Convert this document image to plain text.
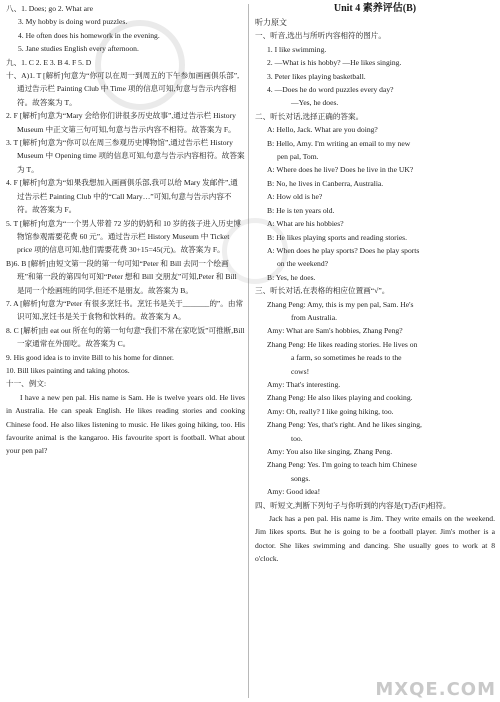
八、1. Does; go 2. What are
3. My hobby is doing word puzzles.
4. He often does his homework in the evening.
5. Jane studies English every afternoon.
九、1. C 2. E 3. B 4. F 5. D
十、A)1. T [解析]句意为“你可以在周一到周五的下午参加画画俱乐部”,通过告示栏 Painting Club 中 Time 项的信息可知,句意与告示内容相符。故答案为 T。
2. F [解析]句意为“Mary 会给你们讲很多历史故事”,通过告示栏 History Museum 中正文第三句可知,句意与告示内容不相符。故答案为 F。
3. T [解析]句意为“你可以在周三参观历史博物馆”,通过告示栏 History Museum 中 Opening time 项的信息可知,句意与告示内容相符。故答案为 T。
4. F [解析]句意为“如果我想加入画画俱乐部,我可以给 Mary 发邮件”,通过告示栏 Painting Club 中的“Call Mary…”可知,句意与告示内容不符。故答案为 F。
5. T [解析]句意为“一个男人带着 72 岁的奶奶和 10 岁的孩子进入历史博物馆参观需要花费 60 元”。通过告示栏 History Museum 中 Ticket price 项的信息可知,他们需要花费 30+15=45(元)。故答案为 F。
B)6. B [解析]由短文第一段的第一句可知“Peter 和 Bill 去同一个绘画班”和第一段的第四句可知“Peter 想和 Bill 交朋友”可知,Peter 和 Bill 是同一个绘画班的同学,但还不是朋友。故答案为 B。
7. A [解析]句意为“Peter 有很多烹饪书。烹饪书是关于_______的”。由常识可知,烹饪书是关于食物和饮料的。故答案为 A。
8. C [解析]由 eat out 所在句的第一句句意“我们不常在家吃饭”可推断,Bill 一家通常在外面吃。故答案为 C。
9. His good idea is to invite Bill to his home for dinner.
10. Bill likes painting and taking photos.
十一、例文:
I have a new pen pal. His name is Sam. He is twelve years old. He lives in Australia. He can speak English. He likes reading stories and cooking Chinese food. He also likes listening to music. He likes going hiking, too. His favourite animal is the kangaroo. His favourite sport is football. What about your pen pal?
Unit 4 素养评估(B)
听力原文
一、听音,选出与所听内容相符的图片。
1. I like swimming.
2. —What is his hobby? —He likes singing.
3. Peter likes playing basketball.
4. —Does he do word puzzles every day?
—Yes, he does.
二、听长对话,选择正确的答案。
A: Hello, Jack. What are you doing?
B: Hello, Amy. I'm writing an email to my new
pen pal, Tom.
A: Where does he live? Does he live in the UK?
B: No, he lives in Canberra, Australia.
A: How old is he?
B: He is ten years old.
A: What are his hobbies?
B: He likes playing sports and reading stories.
A: When does he play sports? Does he play sports
on the weekend?
B: Yes, he does.
三、听长对话,在表格的相应位置画“√”。
Zhang Peng: Amy, this is my pen pal, Sam. He's
from Australia.
Amy: What are Sam's hobbies, Zhang Peng?
Zhang Peng: He likes reading stories. He lives on
a farm, so sometimes he reads to the
cows!
Amy: That's interesting.
Zhang Peng: He also likes playing and cooking.
Amy: Oh, really? I like going hiking, too.
Zhang Peng: Yes, that's right. And he likes singing,
too.
Amy: You also like singing, Zhang Peng.
Zhang Peng: Yes. I'm going to teach him Chinese
songs.
Amy: Good idea!
四、听短文,判断下列句子与你听到的内容是(T)否(F)相符。
Jack has a pen pal. His name is Jim. They write emails on the weekend. Jim likes sports. But he is going to be a football player. Jim's mother is a doctor. She likes swimming and dancing. She usually goes to work at 8 o'clock.
MXQE.COM
